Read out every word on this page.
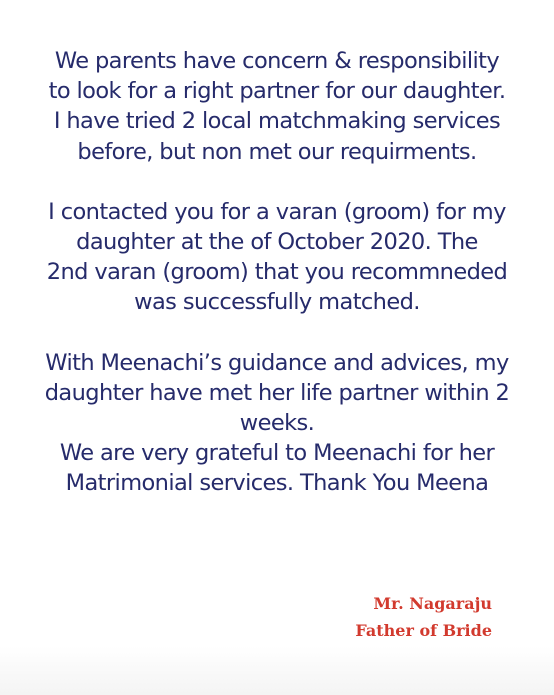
We parents have concern & responsibility
to look for a right partner for our daughter.
I have tried 2 local matchmaking services
before, but non met our requirments.

I contacted you for a varan (groom) for my
daughter at the of October 2020. The
2nd varan (groom) that you recommneded
was successfully matched.

With Meenachi’s guidance and advices, my
daughter have met her life partner within 2
weeks.
We are very grateful to Meenachi for her
Matrimonial services. Thank You Meena

Mr. Nagaraju
Father of Bride
